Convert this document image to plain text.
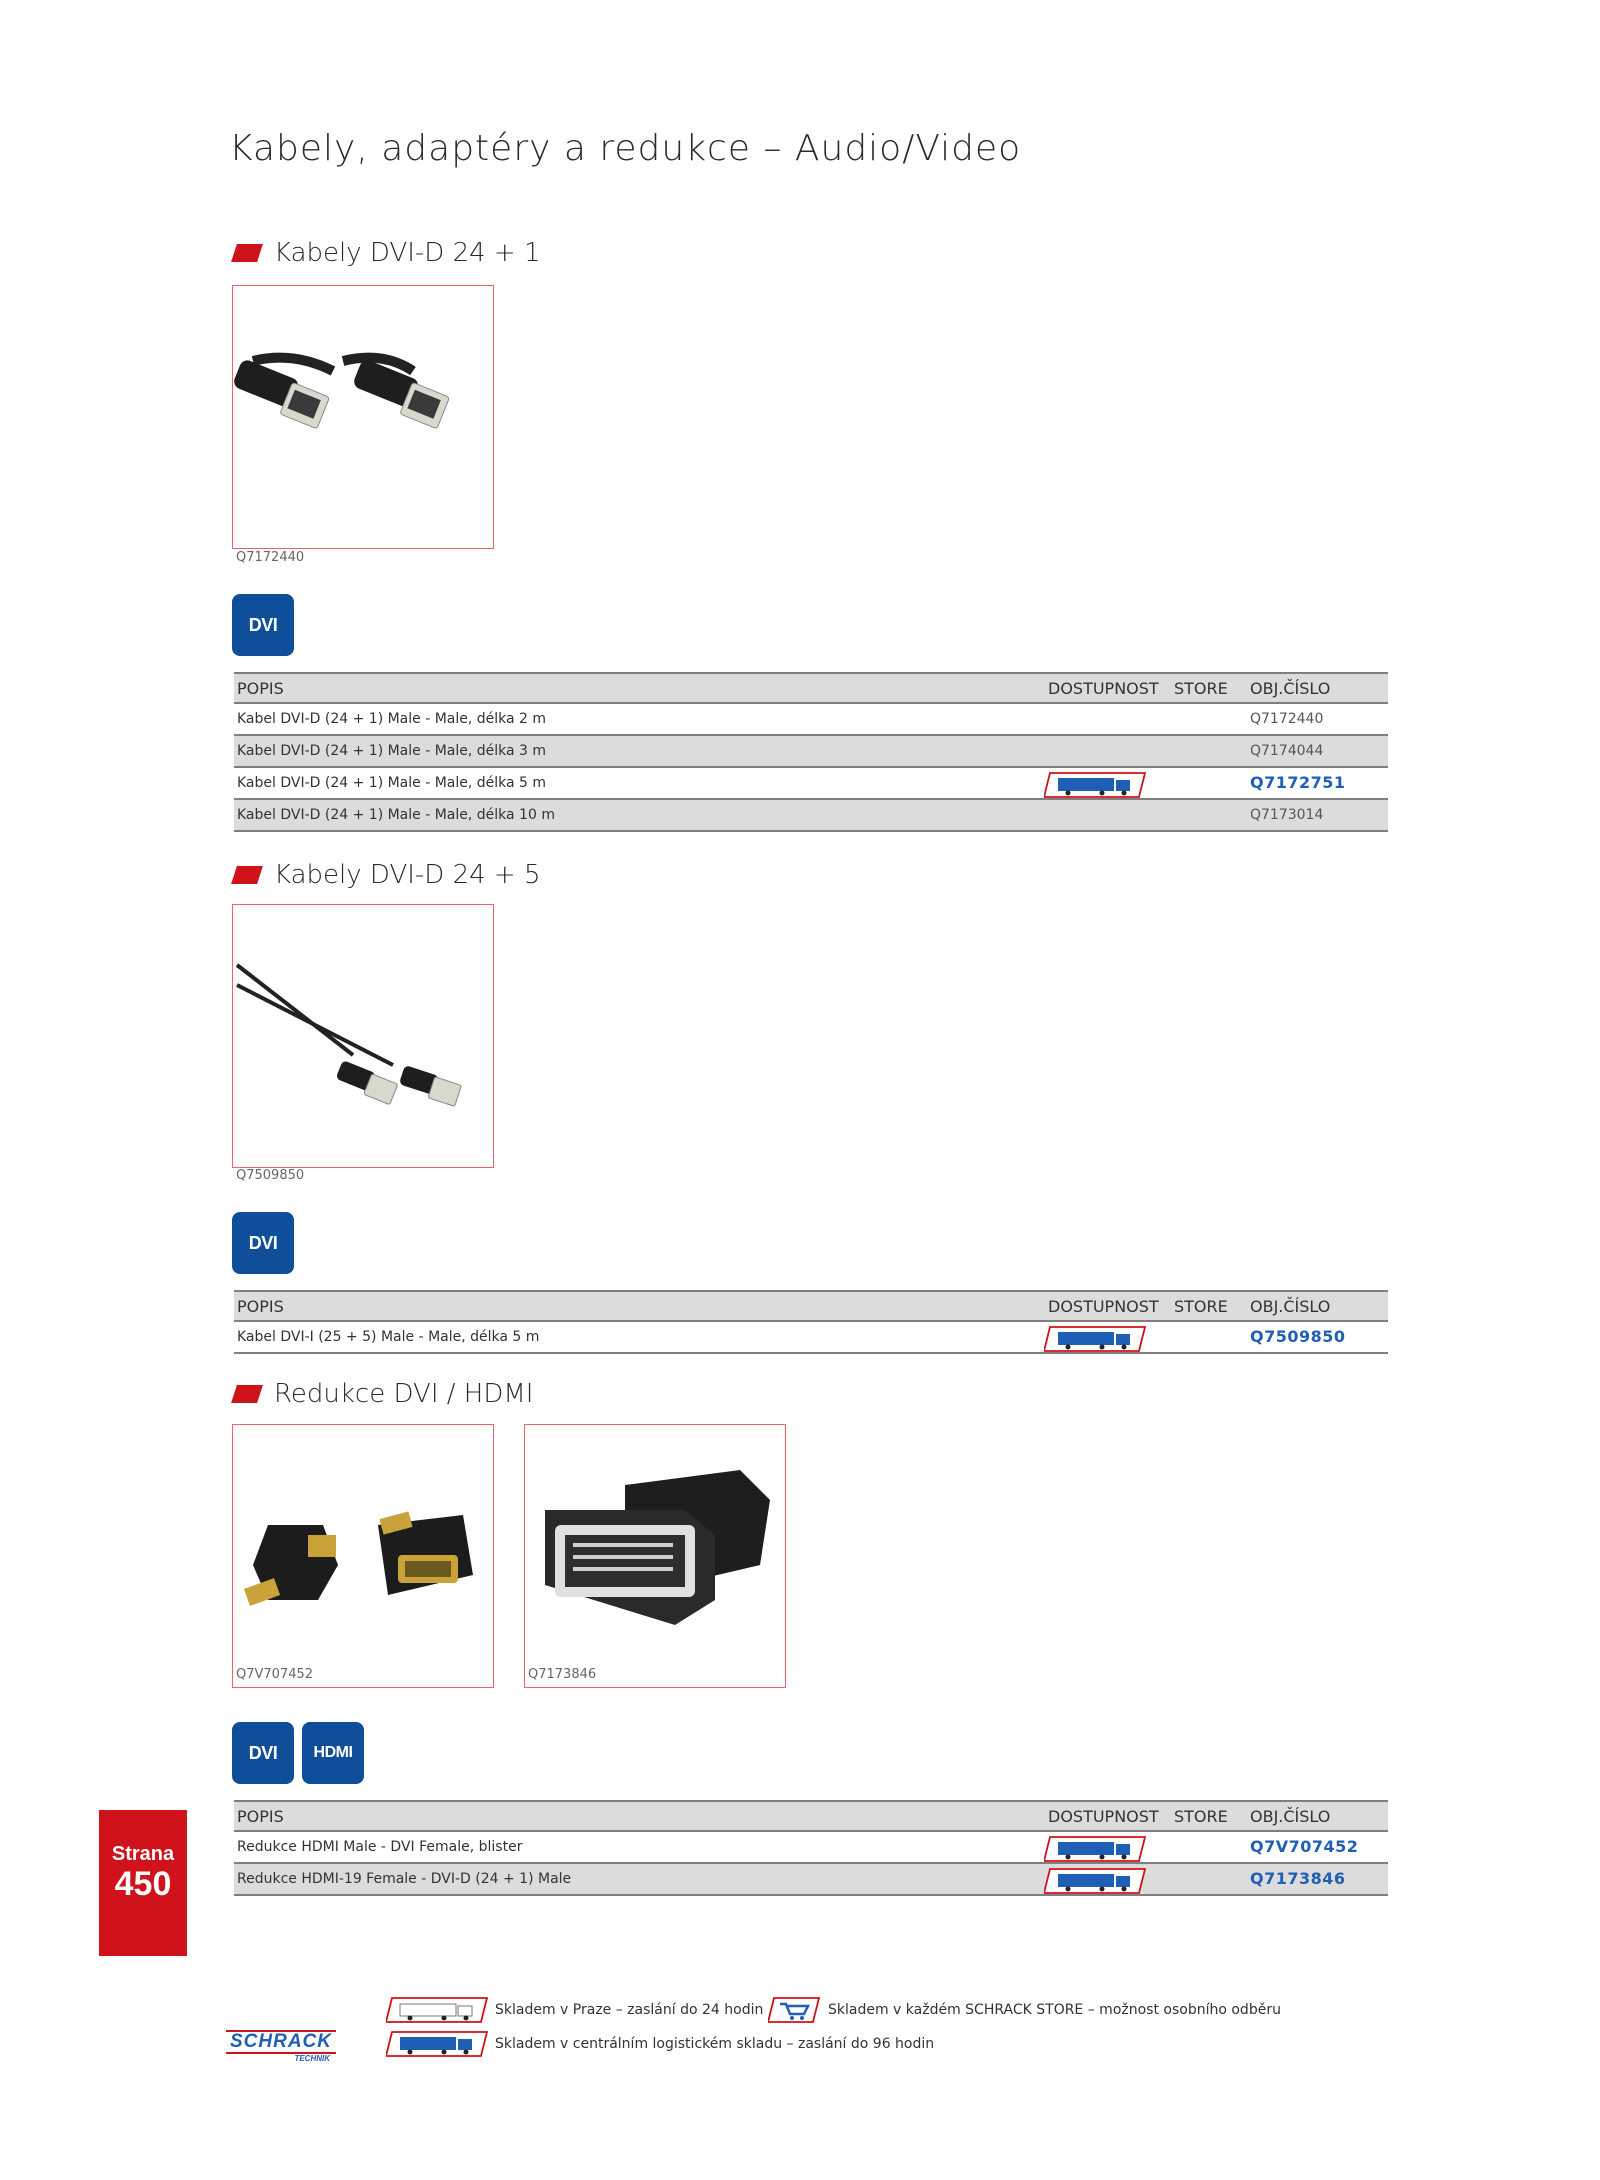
Kabely, adaptéry a redukce – Audio/Video
Kabely DVI-D 24 + 1
Q7172440
DVI
POPIS	DOSTUPNOST STORE OBJ.ČÍSLO
Kabel DVI-D (24 + 1) Male - Male, délka 2 m	Q7172440
Kabel DVI-D (24 + 1) Male - Male, délka 3 m	Q7174044
Kabel DVI-D (24 + 1) Male - Male, délka 5 m	Q7172751
Kabel DVI-D (24 + 1) Male - Male, délka 10 m	Q7173014
Kabely DVI-D 24 + 5
Q7509850
DVI
POPIS	DOSTUPNOST STORE OBJ.ČÍSLO
Kabel DVI-I (25 + 5) Male - Male, délka 5 m	Q7509850
Redukce DVI / HDMI
Q7V707452	Q7173846
DVI	HDMI
POPIS	DOSTUPNOST STORE OBJ.ČÍSLO
Redukce HDMI Male - DVI Female, blister	Q7V707452
Redukce HDMI-19 Female - DVI-D (24 + 1) Male	Q7173846
Strana
450
Skladem v Praze – zaslání do 24 hodin	Skladem v každém SCHRACK STORE – možnost osobního odběru
Skladem v centrálním logistickém skladu – zaslání do 96 hodin
SCHRACK
TECHNIK
